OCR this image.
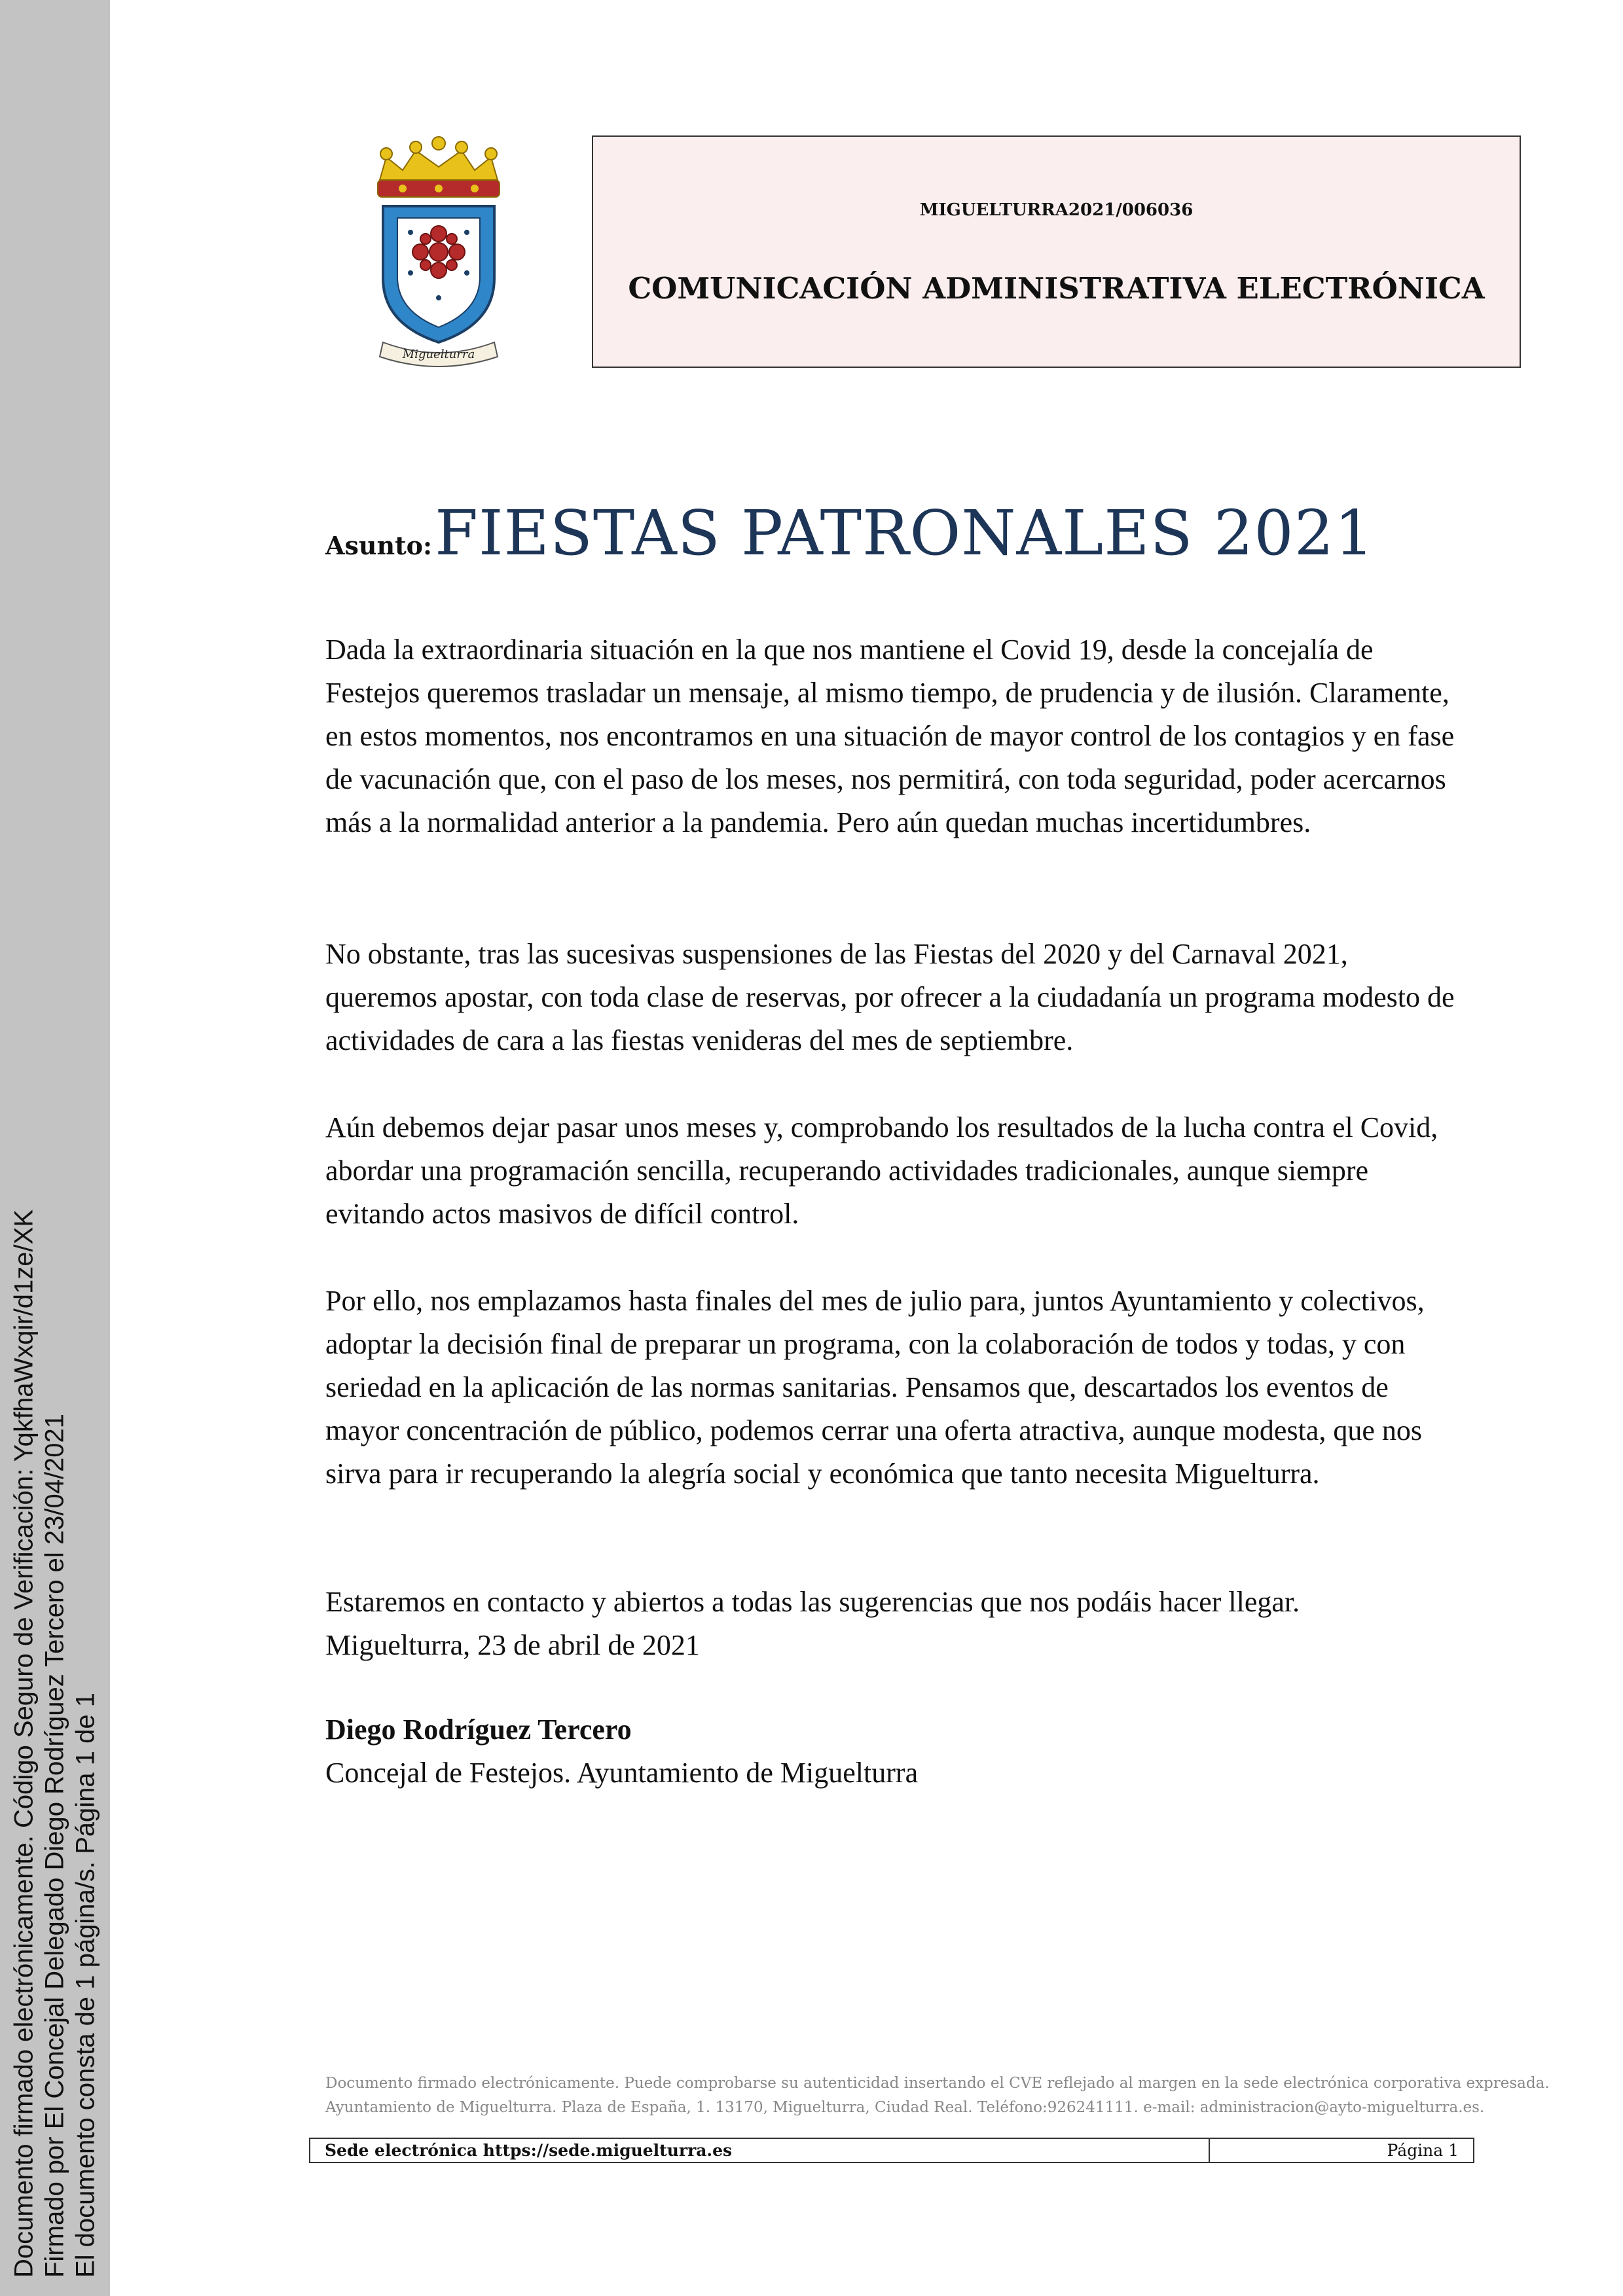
Documento firmado electrónicamente. Código Seguro de Verificación: YqkfhaWxqir/d1ze/XK Firmado por El Concejal Delegado Diego Rodríguez Tercero el 23/04/2021 El documento consta de 1 página/s. Página 1 de 1
Miguelturra
MIGUELTURRA2021/006036
COMUNICACIÓN ADMINISTRATIVA ELECTRÓNICA
Asunto: FIESTAS PATRONALES 2021

Dada la extraordinaria situación en la que nos mantiene el Covid 19, desde la concejalía de Festejos queremos trasladar un mensaje, al mismo tiempo, de prudencia y de ilusión. Claramente, en estos momentos, nos encontramos en una situación de mayor control de los contagios y en fase de vacunación que, con el paso de los meses, nos permitirá, con toda seguridad, poder acercarnos más a la normalidad anterior a la pandemia. Pero aún quedan muchas incertidumbres.

No obstante, tras las sucesivas suspensiones de las Fiestas del 2020 y del Carnaval 2021, queremos apostar, con toda clase de reservas, por ofrecer a la ciudadanía un programa modesto de actividades de cara a las fiestas venideras del mes de septiembre.

Aún debemos dejar pasar unos meses y, comprobando los resultados de la lucha contra el Covid, abordar una programación sencilla, recuperando actividades tradicionales, aunque siempre evitando actos masivos de difícil control.

Por ello, nos emplazamos hasta finales del mes de julio para, juntos Ayuntamiento y colectivos, adoptar la decisión final de preparar un programa, con la colaboración de todos y todas, y con seriedad en la aplicación de las normas sanitarias. Pensamos que, descartados los eventos de mayor concentración de público, podemos cerrar una oferta atractiva, aunque modesta, que nos sirva para ir recuperando la alegría social y económica que tanto necesita Miguelturra.

Estaremos en contacto y abiertos a todas las sugerencias que nos podáis hacer llegar.

Miguelturra, 23 de abril de 2021

Diego Rodríguez Tercero
Concejal de Festejos. Ayuntamiento de Miguelturra
Documento firmado electrónicamente. Puede comprobarse su autenticidad insertando el CVE reflejado al margen en la sede electrónica corporativa expresada.
Ayuntamiento de Miguelturra. Plaza de España, 1. 13170, Miguelturra, Ciudad Real. Teléfono:926241111. e-mail: administracion@ayto-miguelturra.es.
Sede electrónica https://sede.miguelturra.es	Página 1
